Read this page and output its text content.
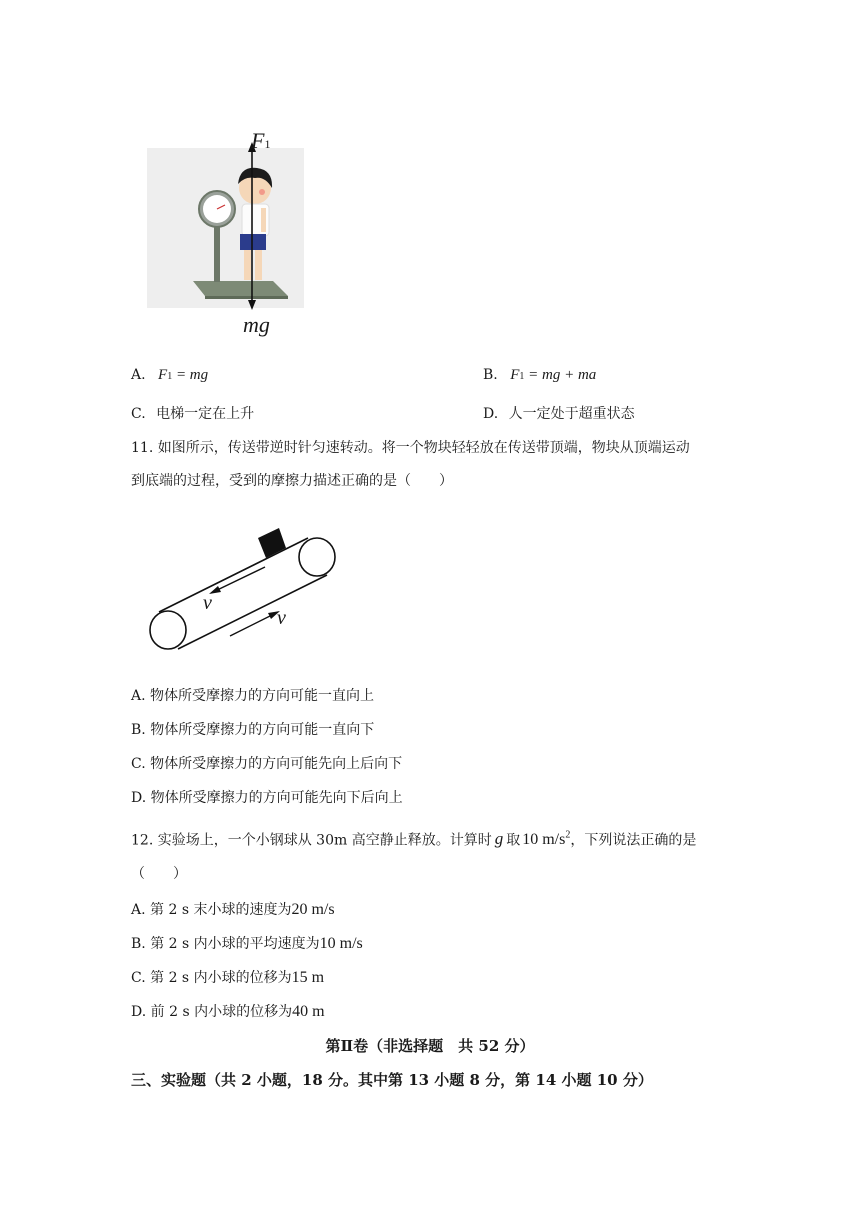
F1
mg
A. F1 = mg	B. F1 = mg + ma
C. 电梯一定在上升	D. 人一定处于超重状态
11. 如图所示，传送带逆时针匀速转动。将一个物块轻轻放在传送带顶端，物块从顶端运动
到底端的过程，受到的摩擦力描述正确的是（　　）
v
v
A. 物体所受摩擦力的方向可能一直向上
B. 物体所受摩擦力的方向可能一直向下
C. 物体所受摩擦力的方向可能先向上后向下
D. 物体所受摩擦力的方向可能先向下后向上
12. 实验场上，一个小钢球从 30m 高空静止释放。计算时 g 取 10 $m/s^2$，下列说法正确的是
（　　）
A. 第 2 s 末小球的速度为20 m/s
B. 第 2 s 内小球的平均速度为10 m/s
C. 第 2 s 内小球的位移为15 m
D. 前 2 s 内小球的位移为40 m
第Ⅱ卷（非选择题　共 52 分）
三、实验题（共 2 小题，18 分。其中第 13 小题 8 分，第 14 小题 10 分）
